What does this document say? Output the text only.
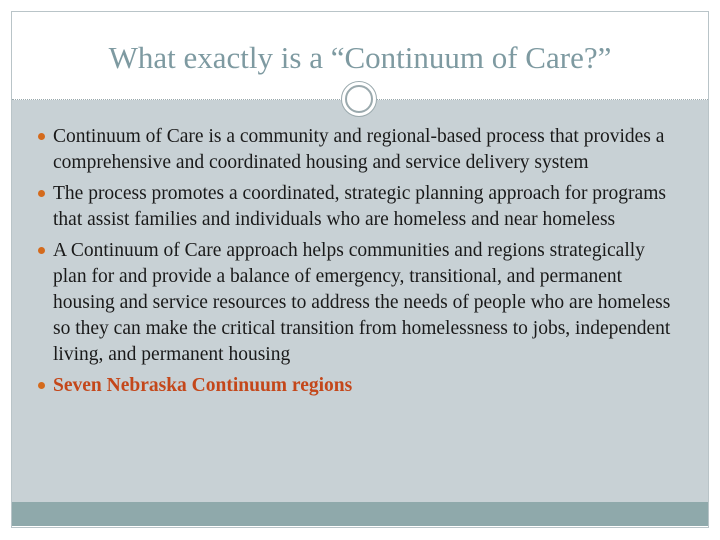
What exactly is a “Continuum of Care?”
Continuum of Care is a community and regional-based process that provides a comprehensive and coordinated housing and service delivery system
The process promotes a coordinated, strategic planning approach for programs that assist families and individuals who are homeless and near homeless
A Continuum of Care approach helps communities and regions strategically plan for and provide a balance of emergency, transitional, and permanent housing and service resources to address the needs of people who are homeless so they can make the critical transition from homelessness to jobs, independent living, and permanent housing
Seven Nebraska Continuum regions
